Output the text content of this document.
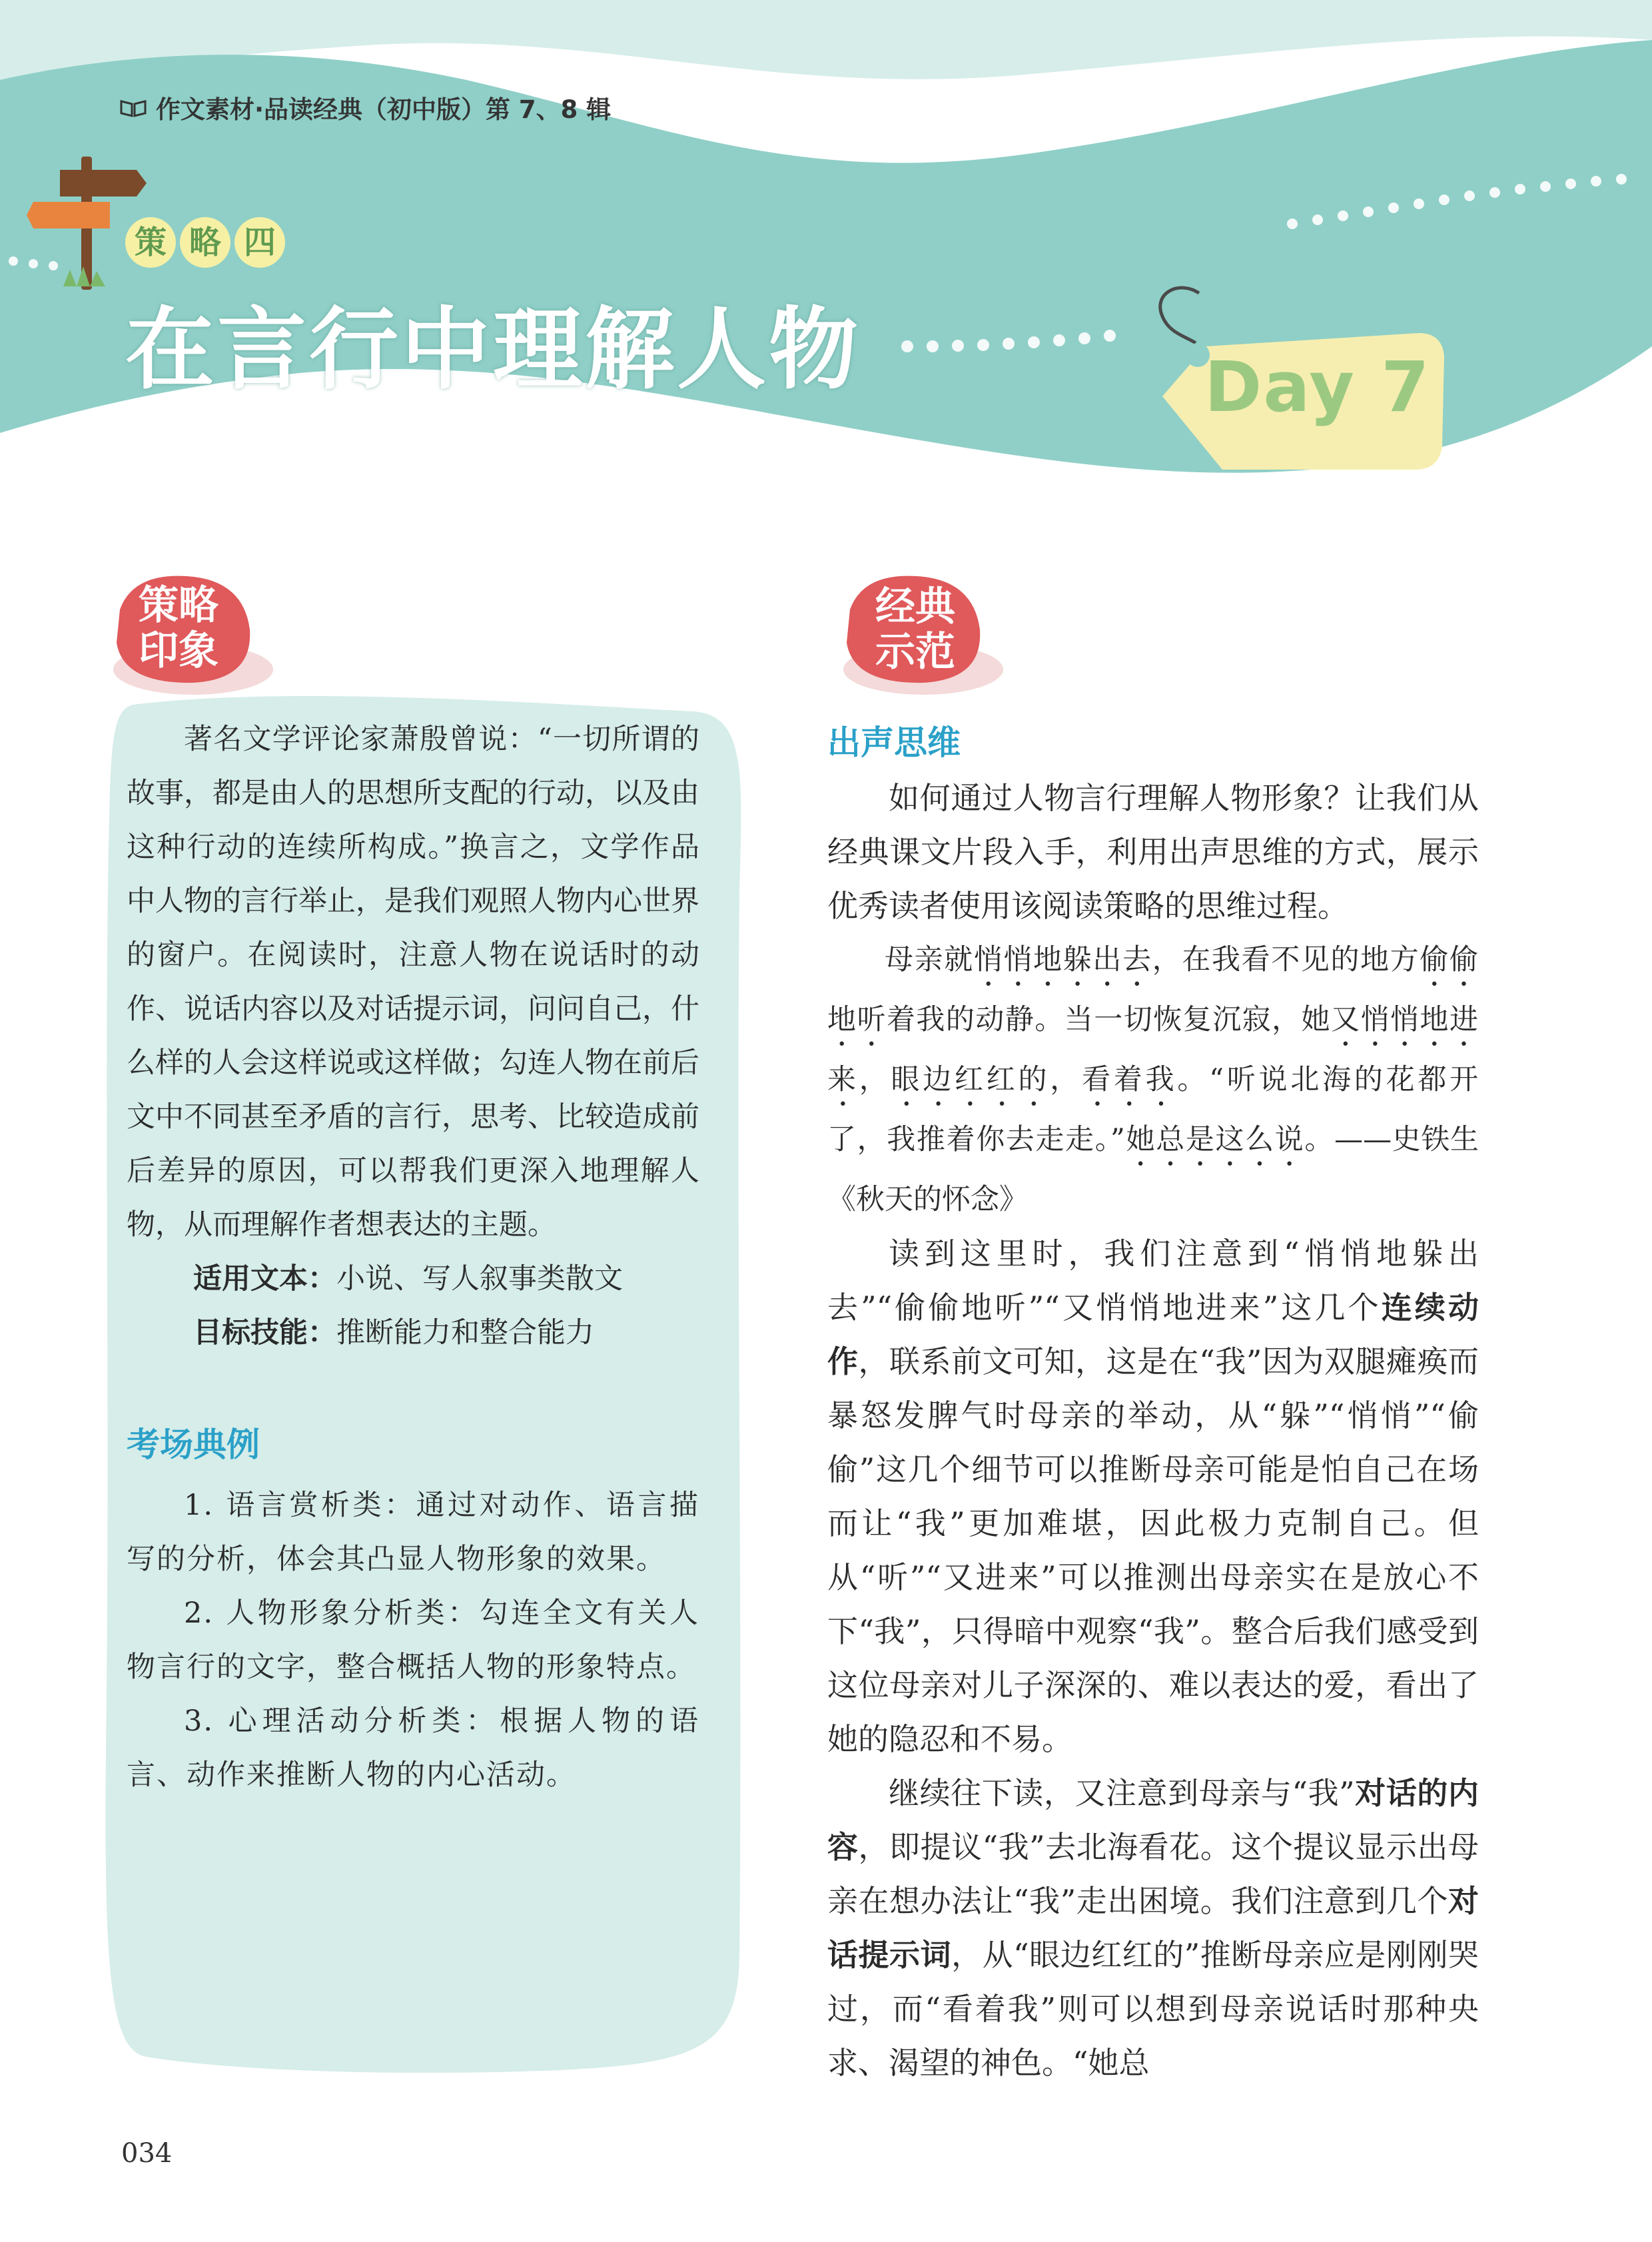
作文素材·品读经典（初中版）第 7、8 辑
策 略 四
在言行中理解人物	Day 7
策略
印象
经典
示范

著名文学评论家萧殷曾说：“一切所谓的故事，都是由人的思想所支配的行动，以及由这种行动的连续所构成。”换言之，文学作品中人物的言行举止，是我们观照人物内心世界的窗户。在阅读时，注意人物在说话时的动作、说话内容以及对话提示词，问问自己，什么样的人会这样说或这样做；勾连人物在前后文中不同甚至矛盾的言行，思考、比较造成前后差异的原因，可以帮我们更深入地理解人物，从而理解作者想表达的主题。

适用文本：小说、写人叙事类散文

目标技能：推断能力和整合能力

考场典例

1. 语言赏析类：通过对动作、语言描写的分析，体会其凸显人物形象的效果。

2. 人物形象分析类：勾连全文有关人物言行的文字，整合概括人物的形象特点。

3. 心理活动分析类：根据人物的语言、动作来推断人物的内心活动。

出声思维

如何通过人物言行理解人物形象？让我们从经典课文片段入手，利用出声思维的方式，展示优秀读者使用该阅读策略的思维过程。

母亲就悄悄地躲出去，在我看不见的地方偷偷地听着我的动静。当一切恢复沉寂，她又悄悄地进来，眼边红红的，看着我。“听说北海的花都开了，我推着你去走走。”她总是这么说。——史铁生《秋天的怀念》

读到这里时，我们注意到“悄悄地躲出去”“偷偷地听”“又悄悄地进来”这几个连续动作，联系前文可知，这是在“我”因为双腿瘫痪而暴怒发脾气时母亲的举动，从“躲”“悄悄”“偷偷”这几个细节可以推断母亲可能是怕自己在场而让“我”更加难堪，因此极力克制自己。但从“听”“又进来”可以推测出母亲实在是放心不下“我”，只得暗中观察“我”。整合后我们感受到这位母亲对儿子深深的、难以表达的爱，看出了她的隐忍和不易。

继续往下读，又注意到母亲与“我”对话的内容，即提议“我”去北海看花。这个提议显示出母亲在想办法让“我”走出困境。我们注意到几个对话提示词，从“眼边红红的”推断母亲应是刚刚哭过，而“看着我”则可以想到母亲说话时那种央求、渴望的神色。“她总

034
